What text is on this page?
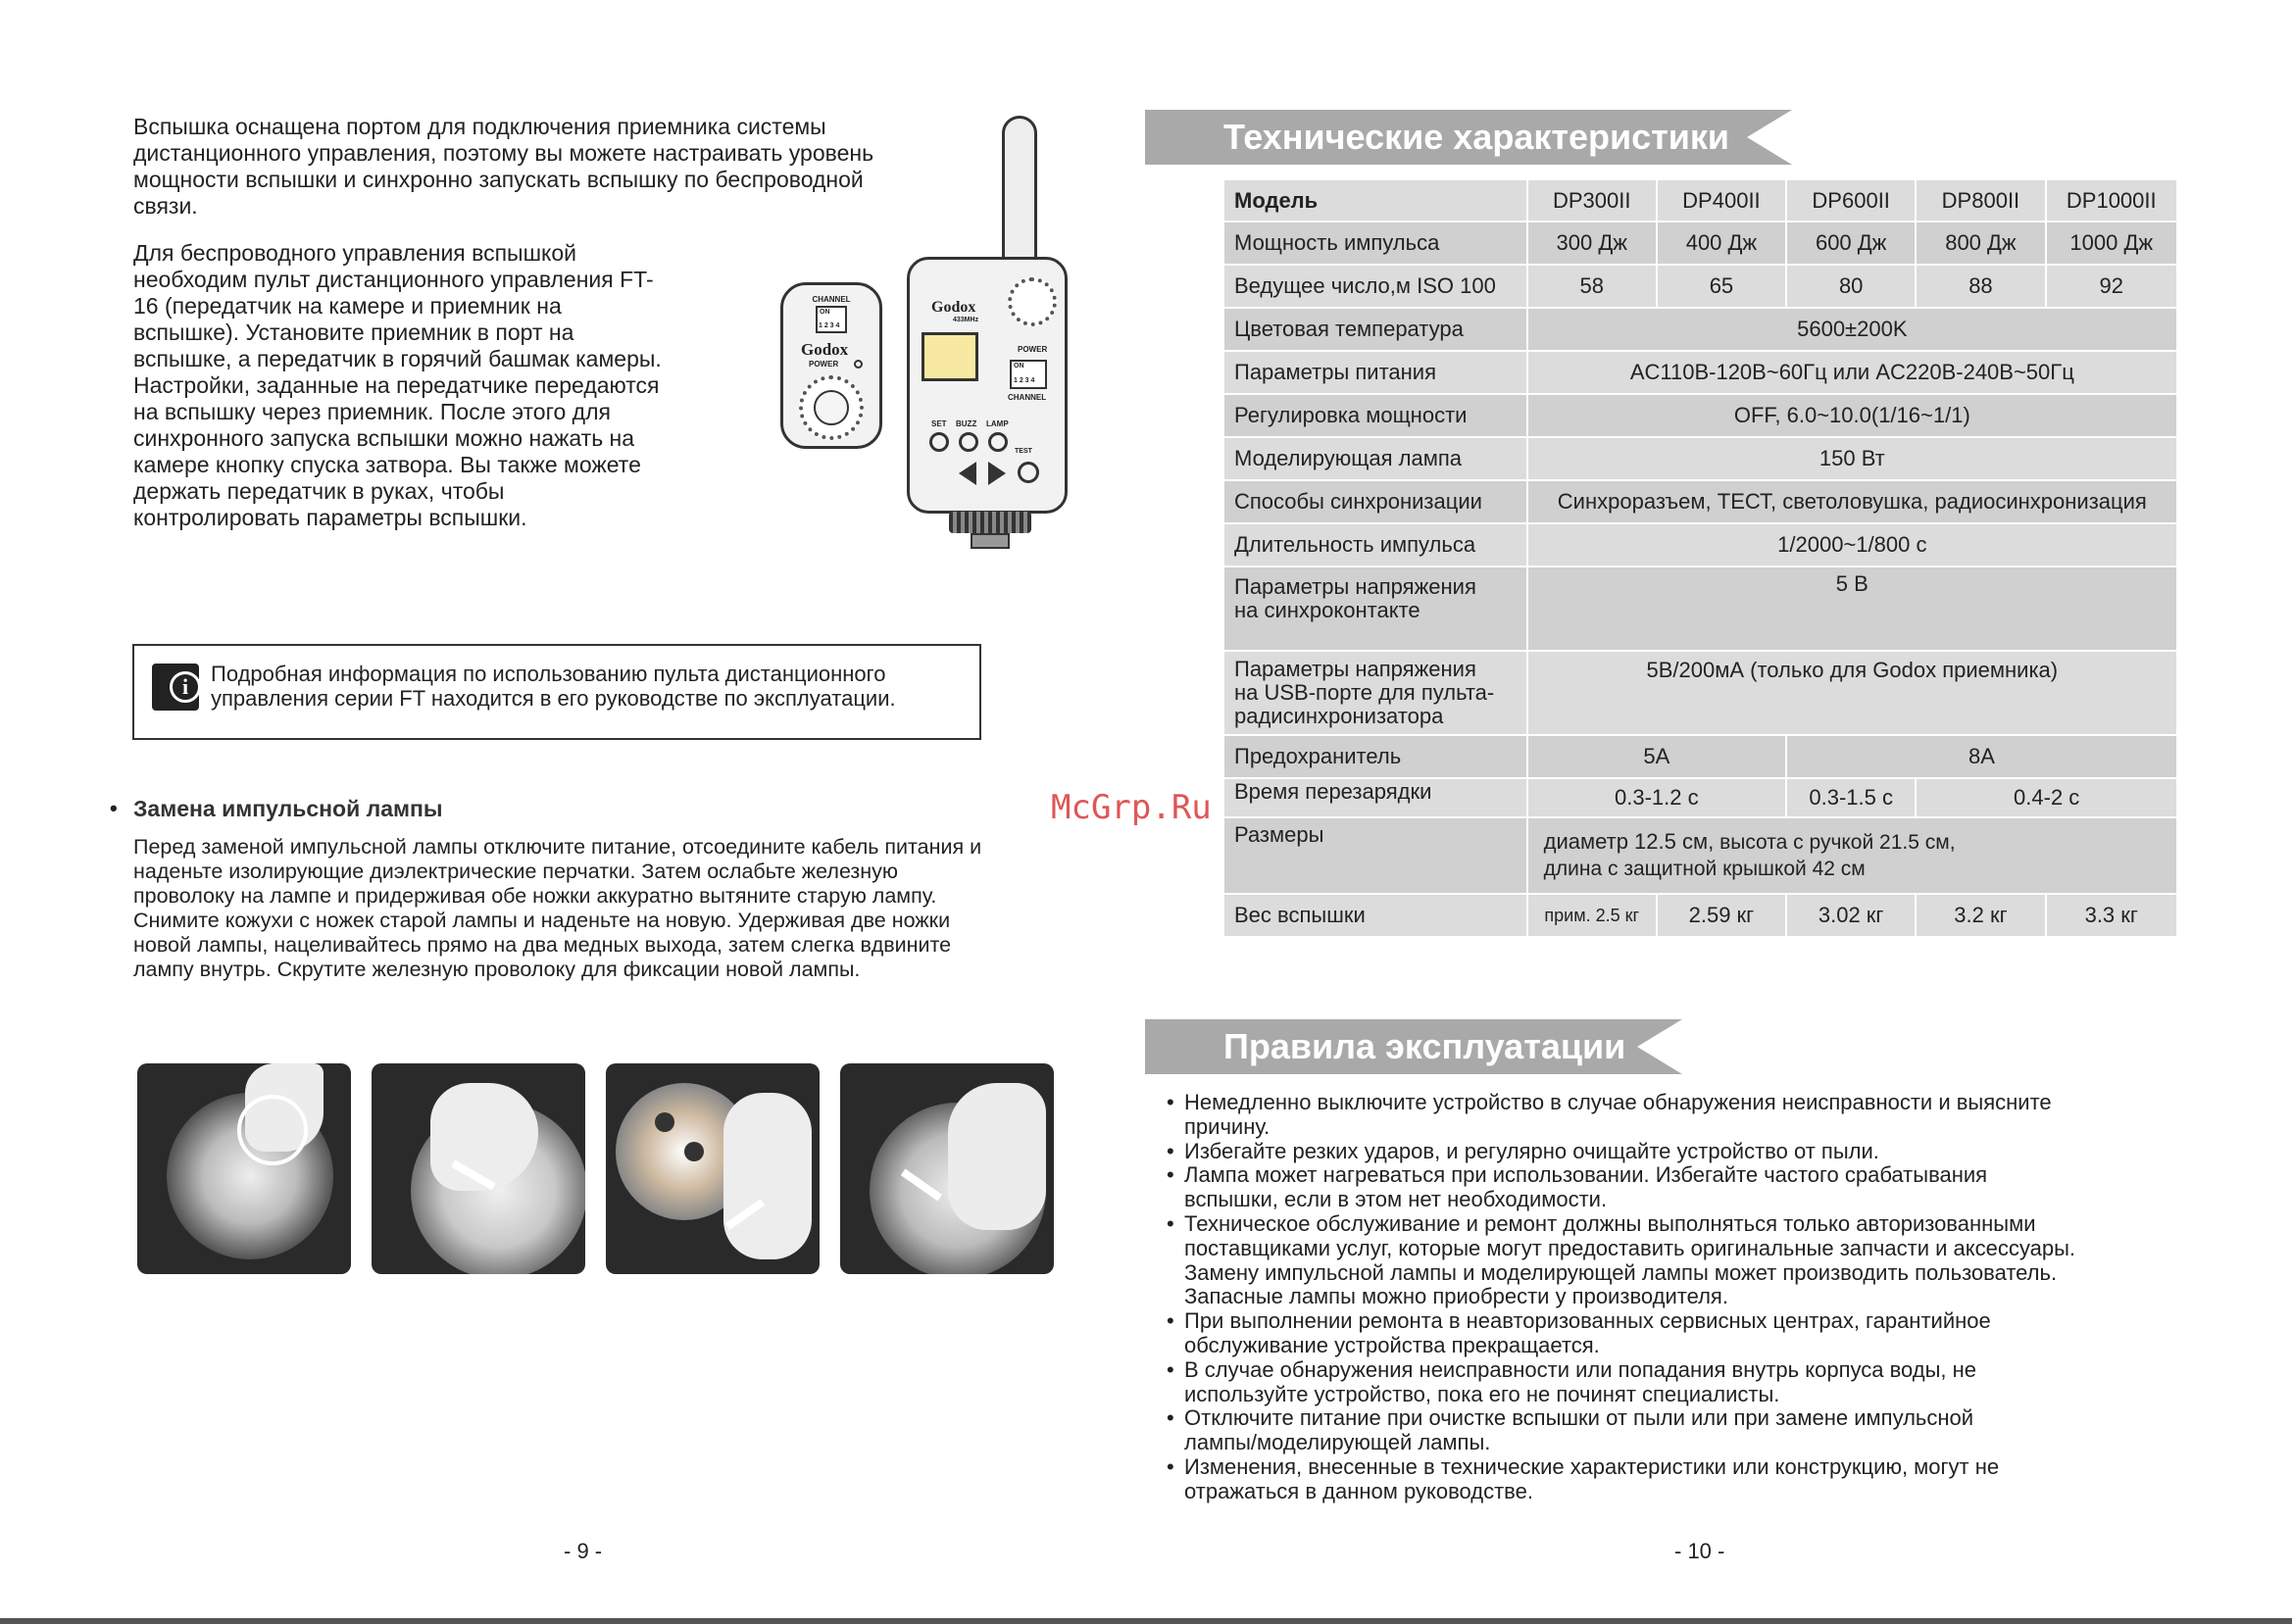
Вспышка оснащена портом для подключения приемника системы
дистанционного управления, поэтому вы можете настраивать уровень
мощности вспышки и синхронно запускать вспышку по беспроводной
связи.
Для беспроводного управления вспышкой
необходим пульт дистанционного управления FT-
16 (передатчик на камере и приемник на
вспышке). Установите приемник в порт на
вспышке, а передатчик в горячий башмак камеры.
Настройки, заданные на передатчике передаются
на вспышку через приемник. После этого для
синхронного запуска вспышки можно нажать на
камере кнопку спуска затвора. Вы также можете
держать передатчик в руках, чтобы
контролировать параметры вспышки.
CHANNEL
ON
1 2 3 4
Godox
POWER
Godox
433MHz
POWER
ON
1 2 3 4
CHANNEL
SET BUZZ LAMP
TEST
i
Подробная информация по использованию пульта дистанционного
управления серии FT находится в его руководстве по эксплуатации.
• Замена импульсной лампы
Перед заменой импульсной лампы отключите питание, отсоедините кабель питания и
наденьте изолирующие диэлектрические перчатки. Затем ослабьте железную
проволоку на лампе и придерживая обе ножки аккуратно вытяните старую лампу.
Снимите кожухи с ножек старой лампы и наденьте на новую. Удерживая две ножки
новой лампы, нацеливайтесь прямо на два медных выхода, затем слегка вдвините
лампу внутрь. Скрутите железную проволоку для фиксации новой лампы.
McGrp.Ru
- 9 -
Технические характеристики
Модель	DP300II	DP400II	DP600II	DP800II	DP1000II
Мощность импульса	300 Дж	400 Дж	600 Дж	800 Дж	1000 Дж
Ведущее число,м ISO 100	58	65	80	88	92
Цветовая температура	5600±200K				
Параметры питания	AC110В-120В~60Гц или AC220В-240В~50Гц				
Регулировка мощности	OFF, 6.0~10.0(1/16~1/1)				
Моделирующая лампа	150 Вт				
Способы синхронизации	Синхроразъем, ТЕСТ, светоловушка, радиосинхронизация				
Длительность импульса	1/2000~1/800 с				
Параметры напряжения
на синхроконтакте	5 В				
Параметры напряжения
на USB-порте для пульта-
радисинхронизатора	5В/200мА (только для Godox приемника)				
Предохранитель	5А		8А		
Время перезарядки	0.3-1.2 с		0.3-1.5 с	0.4-2 с	
Размеры	диаметр 12.5 см, высота с ручкой 21.5 см,
длина с защитной крышкой 42 см				
Вес вспышки	прим. 2.5 кг	2.59 кг	3.02 кг	3.2 кг	3.3 кг
Правила эксплуатации
• Немедленно выключите устройство в случае обнаружения неисправности и выясните
причину.
• Избегайте резких ударов, и регулярно очищайте устройство от пыли.
• Лампа может нагреваться при использовании. Избегайте частого срабатывания
вспышки, если в этом нет необходимости.
• Техническое обслуживание и ремонт должны выполняться только авторизованными
поставщиками услуг, которые могут предоставить оригинальные запчасти и аксессуары.
Замену импульсной лампы и моделирующей лампы может производить пользователь.
Запасные лампы можно приобрести у производителя.
• При выполнении ремонта в неавторизованных сервисных центрах, гарантийное
обслуживание устройства прекращается.
• В случае обнаружения неисправности или попадания внутрь корпуса воды, не
используйте устройство, пока его не починят специалисты.
• Отключите питание при очистке вспышки от пыли или при замене импульсной
лампы/моделирующей лампы.
• Изменения, внесенные в технические характеристики или конструкцию, могут не
отражаться в данном руководстве.
- 10 -
